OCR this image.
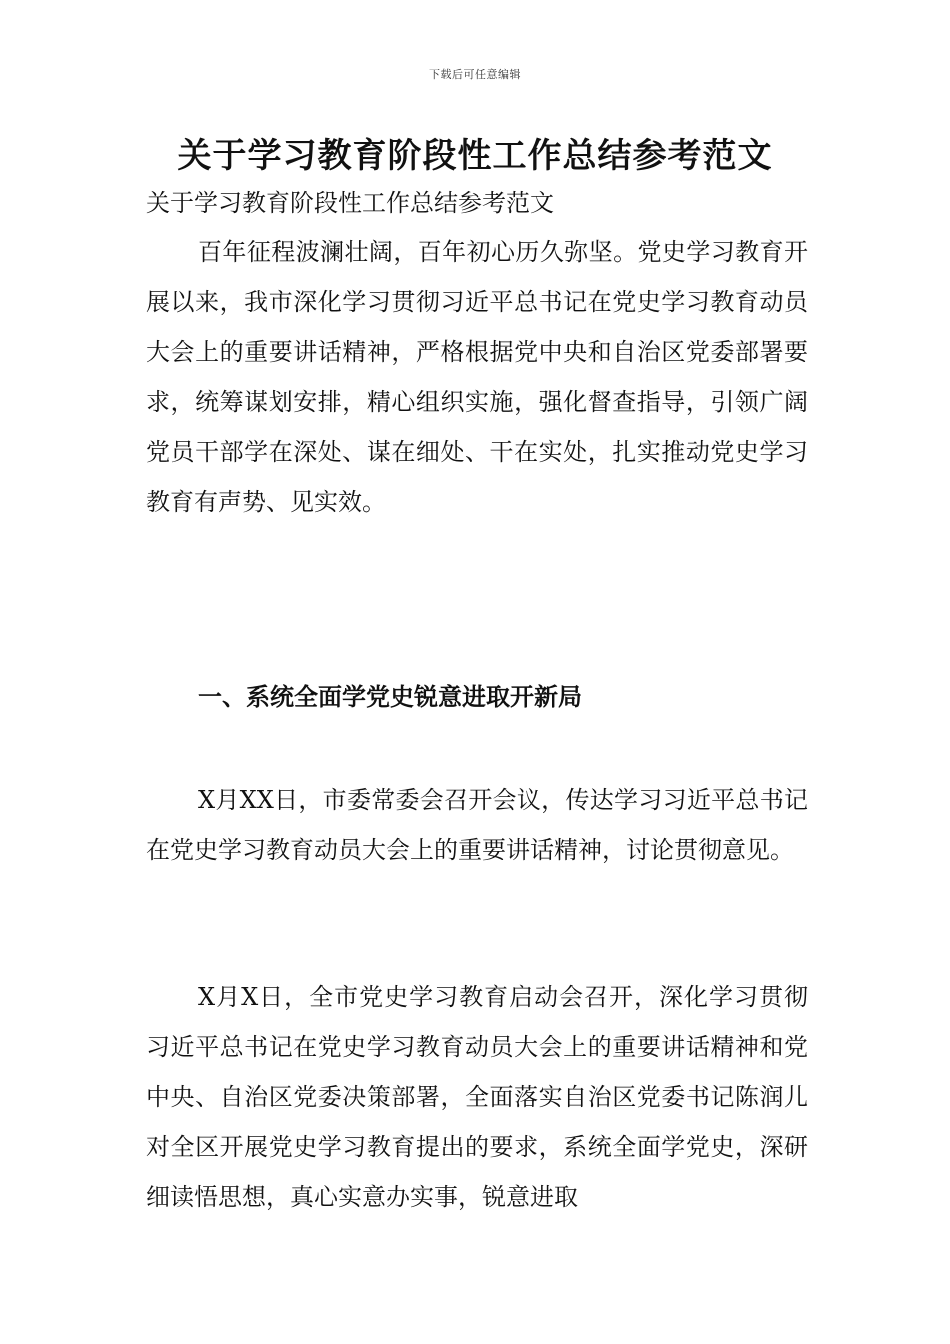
下载后可任意编辑
关于学习教育阶段性工作总结参考范文
关于学习教育阶段性工作总结参考范文

百年征程波澜壮阔，百年初心历久弥坚。党史学习教育开展以来，我市深化学习贯彻习近平总书记在党史学习教育动员大会上的重要讲话精神，严格根据党中央和自治区党委部署要求，统筹谋划安排，精心组织实施，强化督查指导，引领广阔党员干部学在深处、谋在细处、干在实处，扎实推动党史学习教育有声势、见实效。

一、系统全面学党史锐意进取开新局

X月XX日，市委常委会召开会议，传达学习习近平总书记在党史学习教育动员大会上的重要讲话精神，讨论贯彻意见。

X月X日，全市党史学习教育启动会召开，深化学习贯彻习近平总书记在党史学习教育动员大会上的重要讲话精神和党中央、自治区党委决策部署，全面落实自治区党委书记陈润儿对全区开展党史学习教育提出的要求，系统全面学党史，深研细读悟思想，真心实意办实事，锐意进取
